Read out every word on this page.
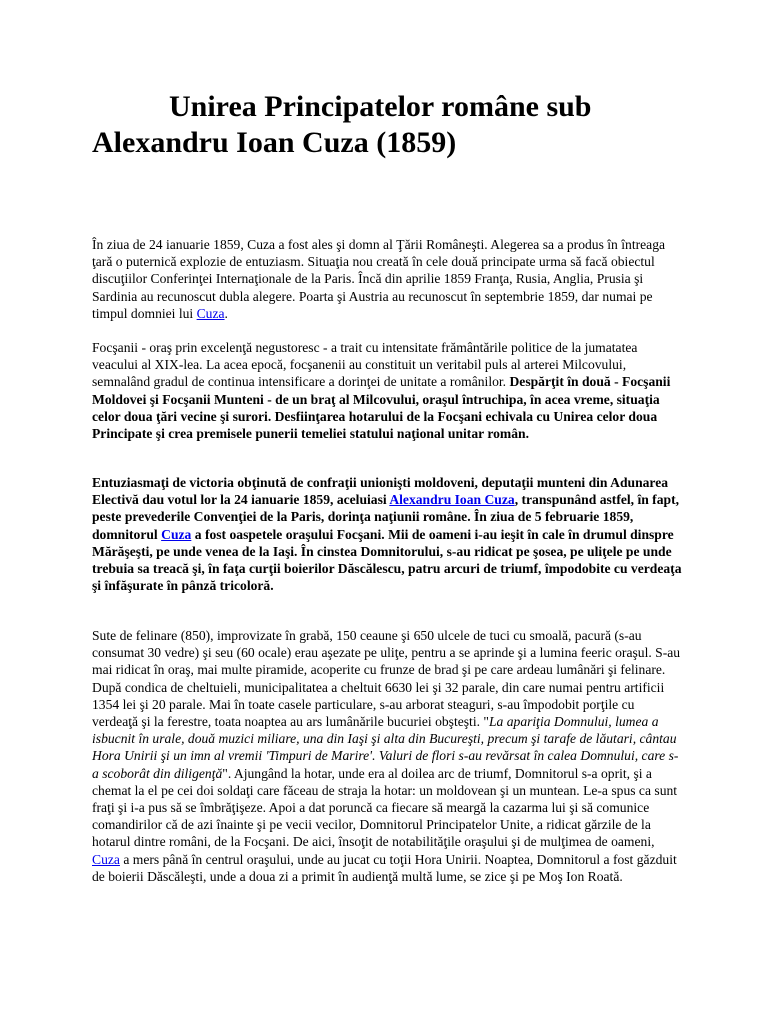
Unirea Principatelor române sub Alexandru Ioan Cuza (1859)

În ziua de 24 ianuarie 1859, Cuza a fost ales şi domn al Ţării Româneşti. Alegerea sa a produs în întreaga ţară o puternică explozie de entuziasm. Situaţia nou creată în cele două principate urma să facă obiectul discuţiilor Conferinţei Internaţionale de la Paris. Încă din aprilie 1859 Franţa, Rusia, Anglia, Prusia şi Sardinia au recunoscut dubla alegere. Poarta şi Austria au recunoscut în septembrie 1859, dar numai pe timpul domniei lui Cuza.

Focşanii - oraş prin excelenţă negustoresc - a trait cu intensitate frământările politice de la jumatatea veacului al XIX-lea. La acea epocă, focşanenii au constituit un veritabil puls al arterei Milcovului, semnalând gradul de continua intensificare a dorinţei de unitate a românilor. Despărţit în două - Focşanii Moldovei şi Focşanii Munteni - de un braţ al Milcovului, oraşul întruchipa, în acea vreme, situaţia celor doua ţări vecine şi surori. Desfiinţarea hotarului de la Focşani echivala cu Unirea celor doua Principate şi crea premisele punerii temeliei statului naţional unitar român.

Entuziasmaţi de victoria obţinută de confraţii unionişti moldoveni, deputaţii munteni din Adunarea Electivă dau votul lor la 24 ianuarie 1859, aceluiasi Alexandru Ioan Cuza, transpunând astfel, în fapt, peste prevederile Convenţiei de la Paris, dorinţa naţiunii române. În ziua de 5 februarie 1859, domnitorul Cuza a fost oaspetele oraşului Focşani. Mii de oameni i-au ieşit în cale în drumul dinspre Mărăşeşti, pe unde venea de la Iaşi. În cinstea Domnitorului, s-au ridicat pe şosea, pe uliţele pe unde trebuia sa treacă şi, în faţa curţii boierilor Dăscălescu, patru arcuri de triumf, împodobite cu verdeaţa şi înfăşurate în pânză tricoloră.

Sute de felinare (850), improvizate în grabă, 150 ceaune şi 650 ulcele de tuci cu smoală, pacură (s-au consumat 30 vedre) şi seu (60 ocale) erau aşezate pe uliţe, pentru a se aprinde şi a lumina feeric oraşul. S-au mai ridicat în oraş, mai multe piramide, acoperite cu frunze de brad şi pe care ardeau lumânări şi felinare. După condica de cheltuieli, municipalitatea a cheltuit 6630 lei şi 32 parale, din care numai pentru artificii 1354 lei şi 20 parale. Mai în toate casele particulare, s-au arborat steaguri, s-au împodobit porţile cu verdeaţă şi la ferestre, toata noaptea au ars lumânările bucuriei obşteşti. "La apariţia Domnului, lumea a isbucnit în urale, două muzici miliare, una din Iaşi şi alta din Bucureşti, precum şi tarafe de lăutari, cântau Hora Unirii şi un imn al vremii 'Timpuri de Marire'. Valuri de flori s-au revărsat în calea Domnului, care s-a scoborât din diligenţă". Ajungând la hotar, unde era al doilea arc de triumf, Domnitorul s-a oprit, şi a chemat la el pe cei doi soldaţi care făceau de straja la hotar: un moldovean şi un muntean. Le-a spus ca sunt fraţi şi i-a pus să se îmbrăţişeze. Apoi a dat poruncă ca fiecare să meargă la cazarma lui şi să comunice comandirilor că de azi înainte şi pe vecii vecilor, Domnitorul Principatelor Unite, a ridicat gărzile de la hotarul dintre români, de la Focşani. De aici, însoţit de notabilităţile oraşului şi de mulţimea de oameni, Cuza a mers până în centrul oraşului, unde au jucat cu toţii Hora Unirii. Noaptea, Domnitorul a fost găzduit de boierii Dăscăleşti, unde a doua zi a primit în audienţă multă lume, se zice şi pe Moş Ion Roată.
